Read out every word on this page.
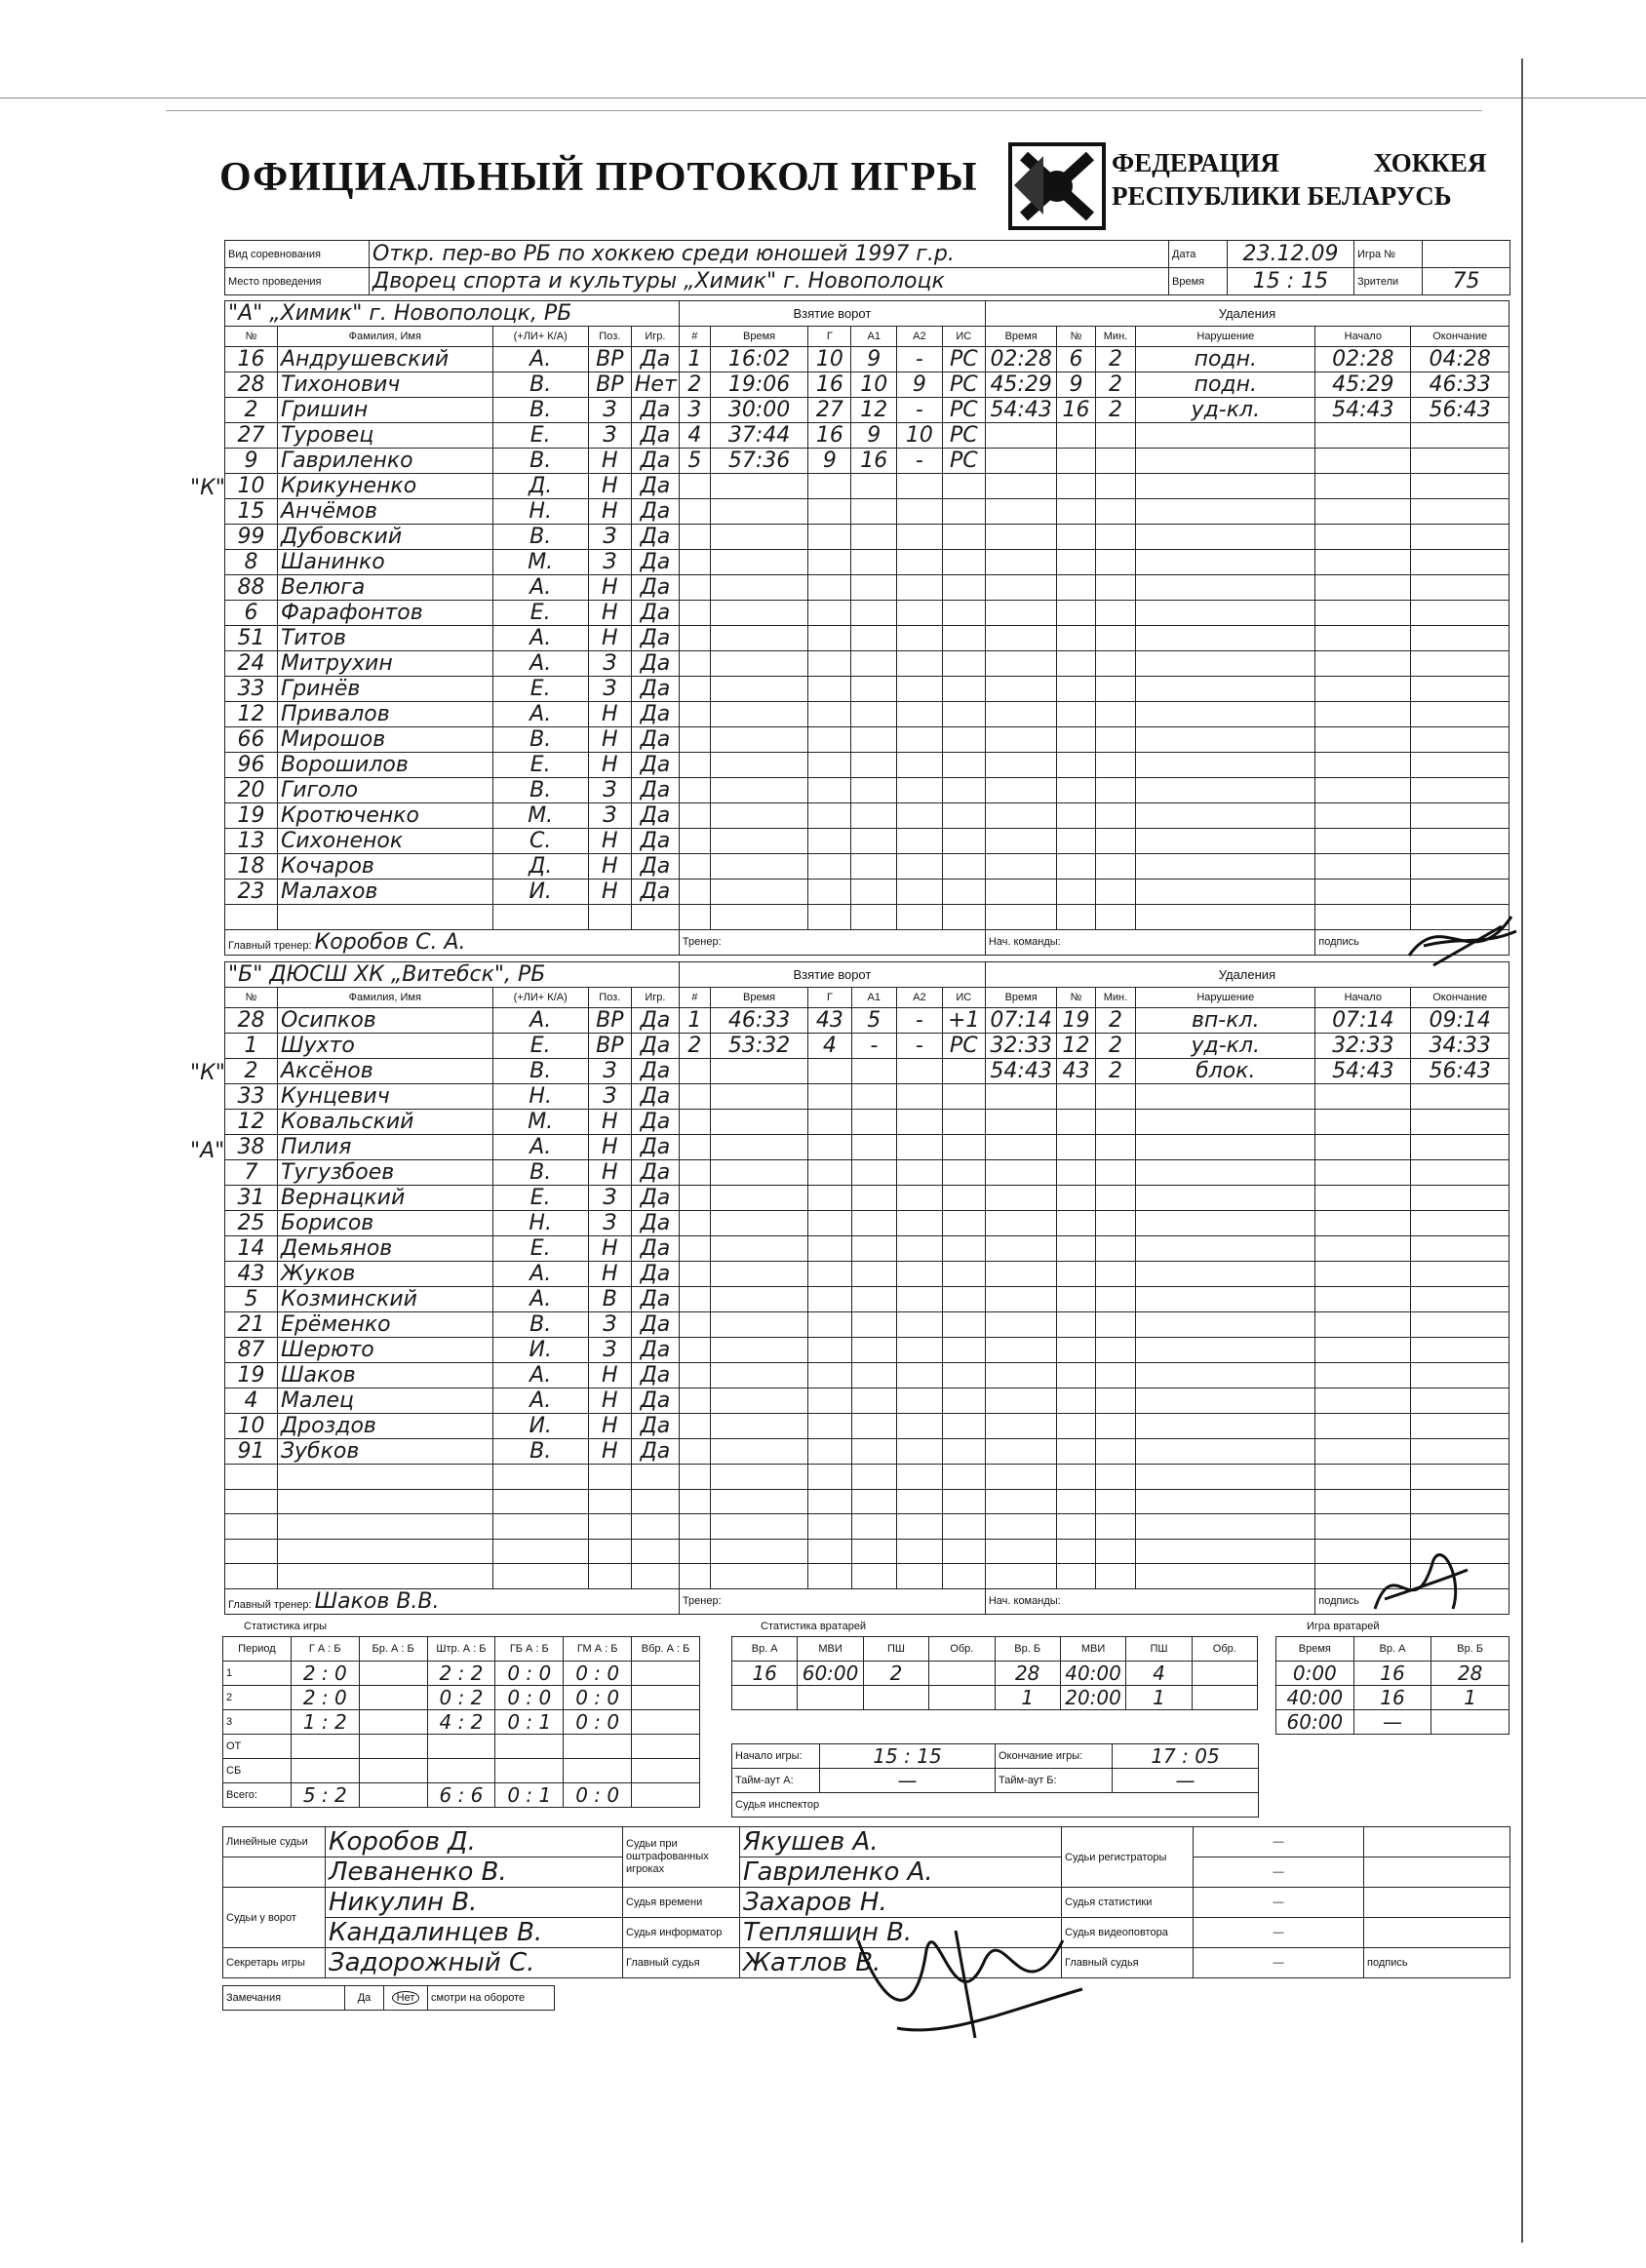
ОФИЦИАЛЬНЫЙ ПРОТОКОЛ ИГРЫ	ФЕДЕРАЦИЯ ХОККЕЯ
РЕСПУБЛИКИ БЕЛАРУСЬ
Вид соревнования	Откр. пер-во РБ по хоккею среди юношей 1997 г.р.	Дата	23.12.09	Игра №	
Место проведения	Дворец спорта и культуры „Химик" г. Новополоцк	Время	15 : 15	Зрители	75
"А" „Химик" г. Новополоцк, РБ					Взятие ворот						Удаления					
№	Фамилия, Имя	(+ЛИ+ К/А)	Поз.	Игр.	#	Время	Г	А1	А2	ИС	Время	№	Мин.	Нарушение	Начало	Окончание
16	Андрушевский	А.	ВР	Да	1	16:02	10	9	-	РС	02:28	6	2	подн.	02:28	04:28
28	Тихонович	В.	ВР	Нет	2	19:06	16	10	9	РС	45:29	9	2	подн.	45:29	46:33
2	Гришин	В.	З	Да	3	30:00	27	12	-	РС	54:43	16	2	уд-кл.	54:43	56:43
27	Туровец	Е.	З	Да	4	37:44	16	9	10	РС						
9	Гавриленко	В.	Н	Да	5	57:36	9	16	-	РС						
10	Крикуненко	Д.	Н	Да												
15	Анчёмов	Н.	Н	Да												
99	Дубовский	В.	З	Да												
8	Шанинко	М.	З	Да												
88	Велюга	А.	Н	Да												
6	Фарафонтов	Е.	Н	Да												
51	Титов	А.	Н	Да												
24	Митрухин	А.	З	Да												
33	Гринёв	Е.	З	Да												
12	Привалов	А.	Н	Да												
66	Мирошов	В.	Н	Да												
96	Ворошилов	Е.	Н	Да												
20	Гиголо	В.	З	Да												
19	Кротюченко	М.	З	Да												
13	Сихоненок	С.	Н	Да												
18	Кочаров	Д.	Н	Да												
23	Малахов	И.	Н	Да												

Главный тренер: Коробов С. А.					Тренер:						Нач. команды:				подпись	
"Б" ДЮСШ ХК „Витебск", РБ					Взятие ворот						Удаления					
№	Фамилия, Имя	(+ЛИ+ К/А)	Поз.	Игр.	#	Время	Г	А1	А2	ИС	Время	№	Мин.	Нарушение	Начало	Окончание
28	Осипков	А.	ВР	Да	1	46:33	43	5	-	+1	07:14	19	2	вп-кл.	07:14	09:14
1	Шухто	Е.	ВР	Да	2	53:32	4	-	-	РС	32:33	12	2	уд-кл.	32:33	34:33
2	Аксёнов	В.	З	Да							54:43	43	2	блок.	54:43	56:43
33	Кунцевич	Н.	З	Да												
12	Ковальский	М.	Н	Да												
38	Пилия	А.	Н	Да												
7	Тугузбоев	В.	Н	Да												
31	Вернацкий	Е.	З	Да												
25	Борисов	Н.	З	Да												
14	Демьянов	Е.	Н	Да												
43	Жуков	А.	Н	Да												
5	Козминский	А.	В	Да												
21	Ерёменко	В.	З	Да												
87	Шерюто	И.	З	Да												
19	Шаков	А.	Н	Да												
4	Малец	А.	Н	Да												
10	Дроздов	И.	Н	Да												
91	Зубков	В.	Н	Да												

Главный тренер: Шаков В.В.					Тренер:						Нач. команды:				подпись	
Статистика игры
Период	Г А : Б	Бр. А : Б	Штр. А : Б	ГБ А : Б	ГМ А : Б	Вбр. А : Б
1	2 : 0		2 : 2	0 : 0	0 : 0	
2	2 : 0		0 : 2	0 : 0	0 : 0	
3	1 : 2		4 : 2	0 : 1	0 : 0	
ОТ						
СБ						
Всего:	5 : 2		6 : 6	0 : 1	0 : 0	
Статистика вратарей
Вр. А	МВИ	ПШ	Обр.	Вр. Б	МВИ	ПШ	Обр.
16	60:00	2		28	40:00	4	
				1	20:00	1	
Начало игры:	15 : 15	Окончание игры:	17 : 05
Тайм-аут А:	—	Тайм-аут Б:	—
Судья инспектор			
Игра вратарей
Время	Вр. А	Вр. Б
0:00	16	28
40:00	16	1
60:00	—	
Линейные судьи	Коробов Д.	Судьи при оштрафованных игроках	Якушев А.	Судьи регистраторы	—	
	Леваненко В.		Гавриленко А.		—	
Судьи у ворот	Никулин В.	Судья времени	Захаров Н.	Судья статистики	—	
	Кандалинцев В.	Судья информатор	Тепляшин В.	Судья видеоповтора	—	
Секретарь игры	Задорожный С.	Главный судья	Жатлов В.	Главный судья	—	подпись
Замечания	Да	Нет	смотри на обороте
"К"
"К"
"А"
